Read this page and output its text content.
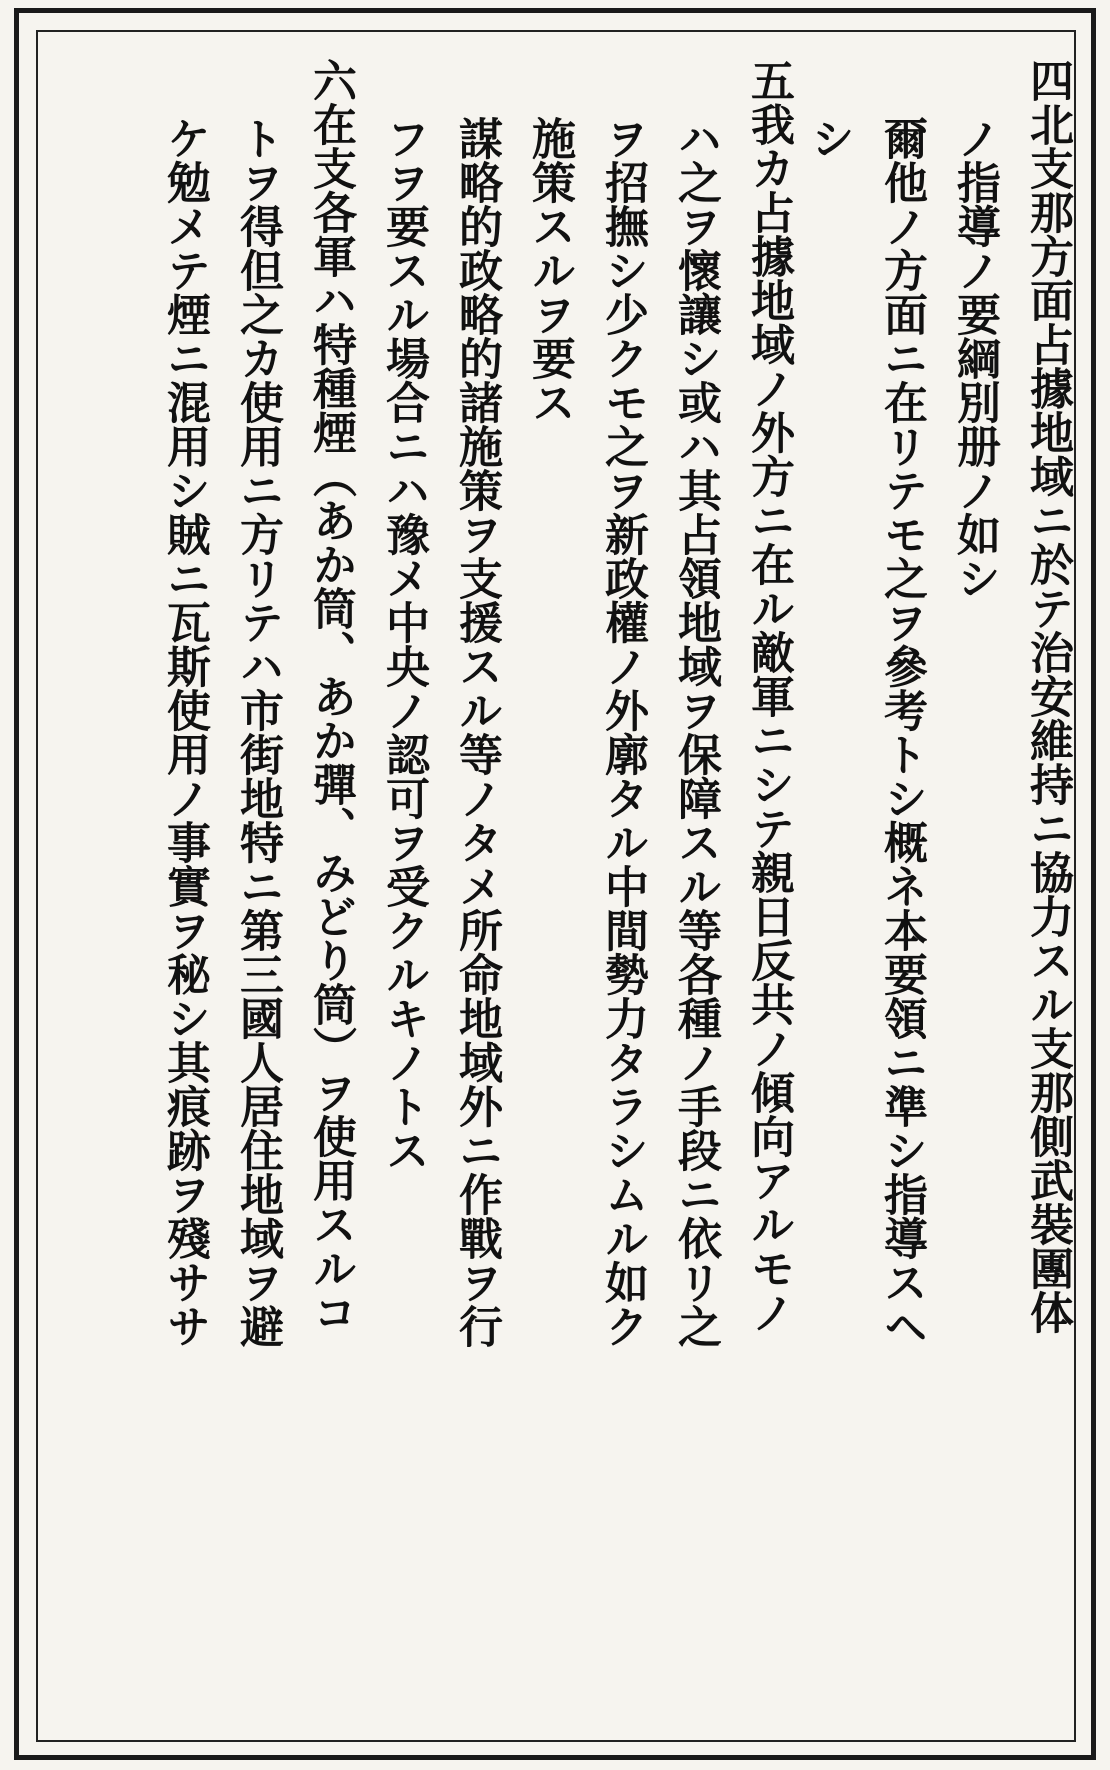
四北支那方面占據地域ニ於テ治安維持ニ協力スル支那側武裝團体
ノ指導ノ要綱別册ノ如シ
爾他ノ方面ニ在リテモ之ヲ參考トシ概ネ本要領ニ準シ指導スヘ
シ
五我カ占據地域ノ外方ニ在ル敵軍ニシテ親日反共ノ傾向アルモノ
ハ之ヲ懷讓シ或ハ其占領地域ヲ保障スル等各種ノ手段ニ依リ之
ヲ招撫シ少クモ之ヲ新政權ノ外廓タル中間勢力タラシムル如ク
施策スルヲ要ス
謀略的政略的諸施策ヲ支援スル等ノタメ所命地域外ニ作戰ヲ行
フヲ要スル場合ニハ豫メ中央ノ認可ヲ受クルキノトス
六在支各軍ハ特種煙（あか筒、あか彈、みどり筒）ヲ使用スルコ
トヲ得但之カ使用ニ方リテハ市街地特ニ第三國人居住地域ヲ避
ケ勉メテ煙ニ混用シ賊ニ瓦斯使用ノ事實ヲ秘シ其痕跡ヲ殘ササ
